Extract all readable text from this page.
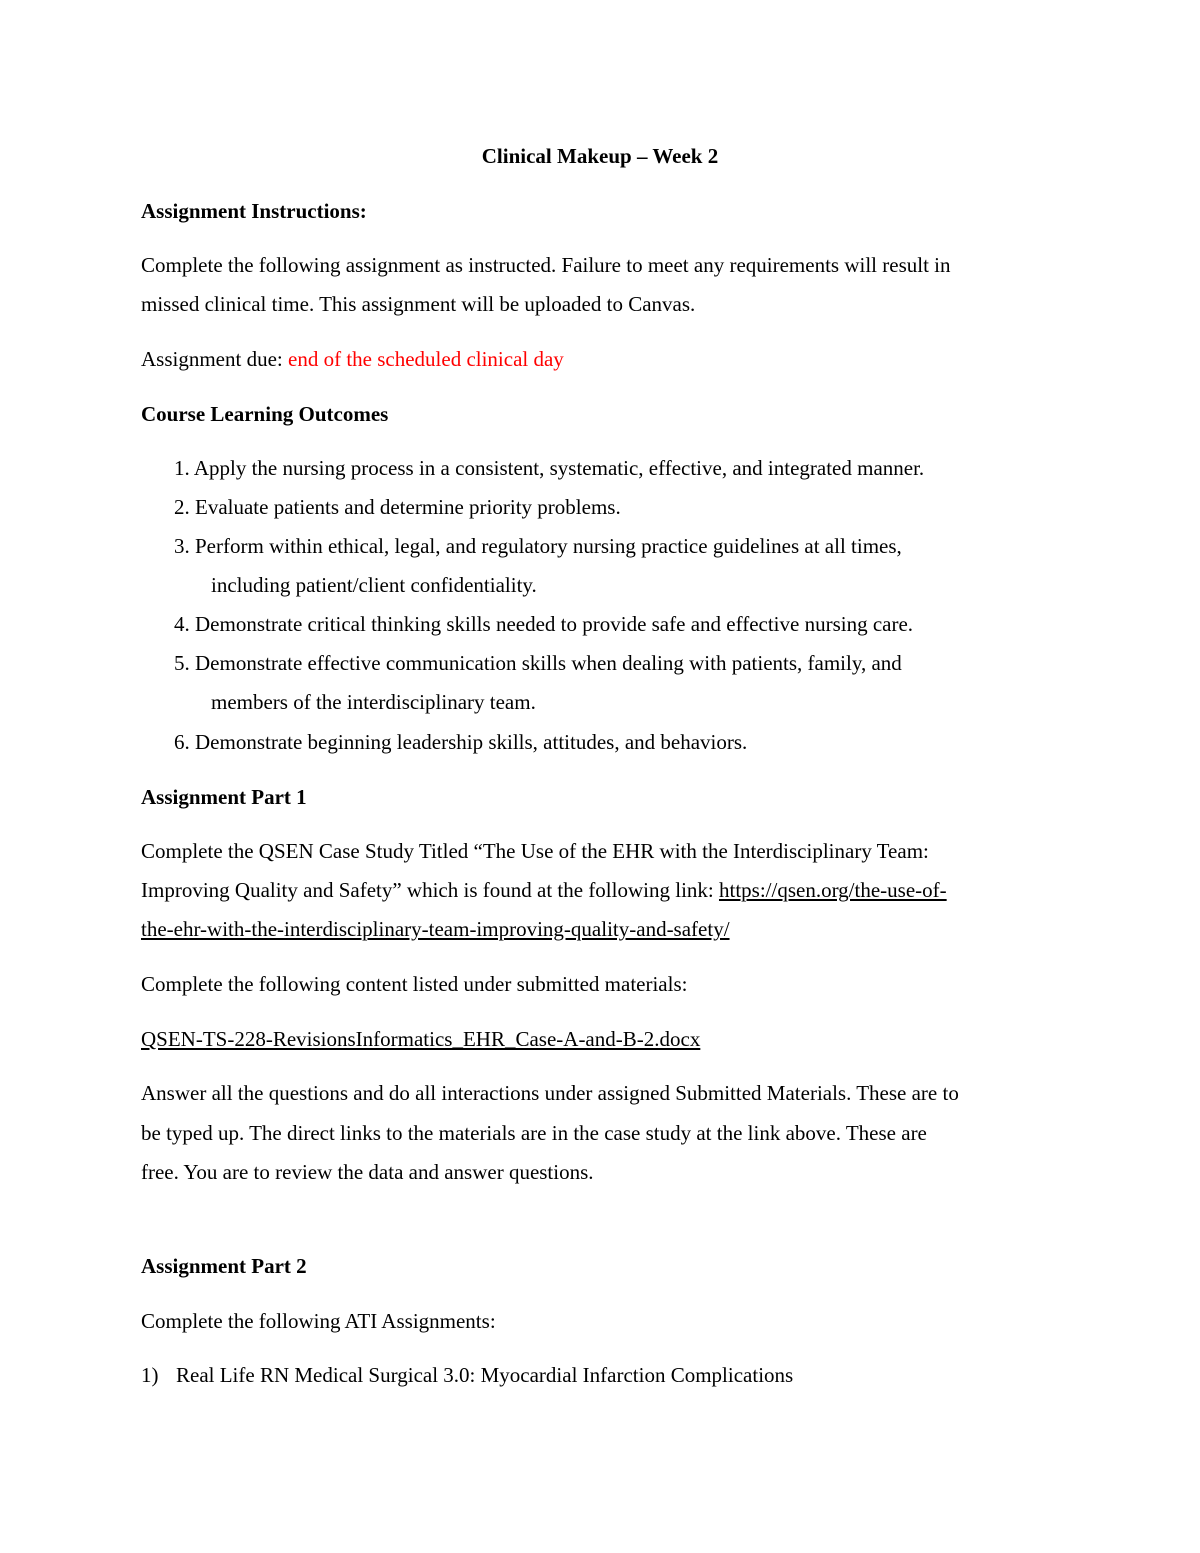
Clinical Makeup – Week 2
Assignment Instructions:
Complete the following assignment as instructed. Failure to meet any requirements will result in
missed clinical time. This assignment will be uploaded to Canvas.
Assignment due: end of the scheduled clinical day
Course Learning Outcomes
1. Apply the nursing process in a consistent, systematic, effective, and integrated manner.
2. Evaluate patients and determine priority problems.
3. Perform within ethical, legal, and regulatory nursing practice guidelines at all times,
including patient/client confidentiality.
4. Demonstrate critical thinking skills needed to provide safe and effective nursing care.
5. Demonstrate effective communication skills when dealing with patients, family, and
members of the interdisciplinary team.
6. Demonstrate beginning leadership skills, attitudes, and behaviors.
Assignment Part 1
Complete the QSEN Case Study Titled “The Use of the EHR with the Interdisciplinary Team:
Improving Quality and Safety” which is found at the following link: https://qsen.org/the-use-of-
the-ehr-with-the-interdisciplinary-team-improving-quality-and-safety/
Complete the following content listed under submitted materials:
QSEN-TS-228-RevisionsInformatics_EHR_Case-A-and-B-2.docx
Answer all the questions and do all interactions under assigned Submitted Materials. These are to
be typed up. The direct links to the materials are in the case study at the link above. These are
free. You are to review the data and answer questions.
Assignment Part 2
Complete the following ATI Assignments:
1) Real Life RN Medical Surgical 3.0: Myocardial Infarction Complications
